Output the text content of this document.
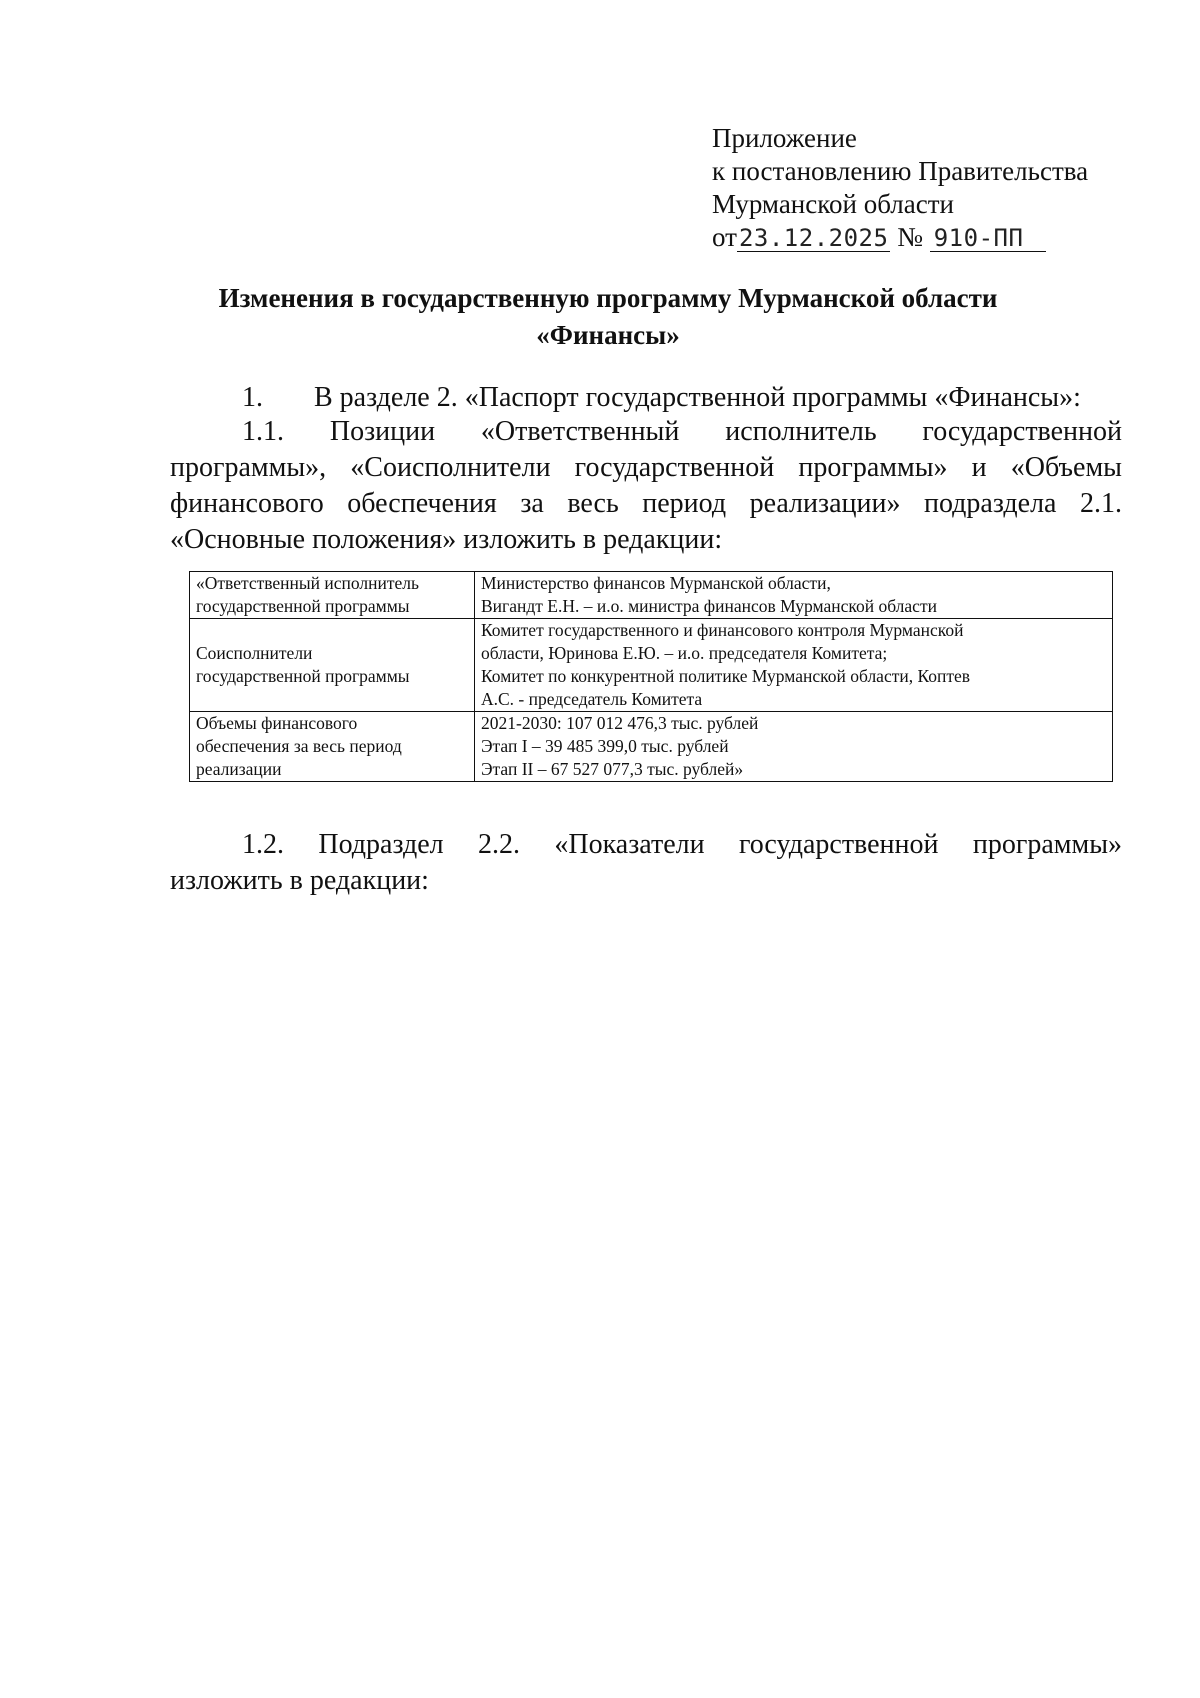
Приложение
к постановлению Правительства
Мурманской области
от23.12.2025 № 910-ПП
Изменения в государственную программу Мурманской области
«Финансы»
1. В разделе 2. «Паспорт государственной программы «Финансы»:
1.1. Позиции «Ответственный исполнитель государственной программы», «Соисполнители государственной программы» и «Объемы финансового обеспечения за весь период реализации» подраздела 2.1. «Основные положения» изложить в редакции:
«Ответственный исполнитель
государственной программы	Министерство финансов Мурманской области,
Вигандт Е.Н. – и.о. министра финансов Мурманской области

Соисполнители
государственной программы	Комитет государственного и финансового контроля Мурманской
области, Юринова Е.Ю. – и.о. председателя Комитета;
Комитет по конкурентной политике Мурманской области, Коптев
А.С. - председатель Комитета

Объемы финансового
обеспечения за весь период
реализации	2021-2030: 107 012 476,3 тыс. рублей
Этап I – 39 485 399,0 тыс. рублей
Этап II – 67 527 077,3 тыс. рублей»
1.2. Подраздел 2.2. «Показатели государственной программы» изложить в редакции:
